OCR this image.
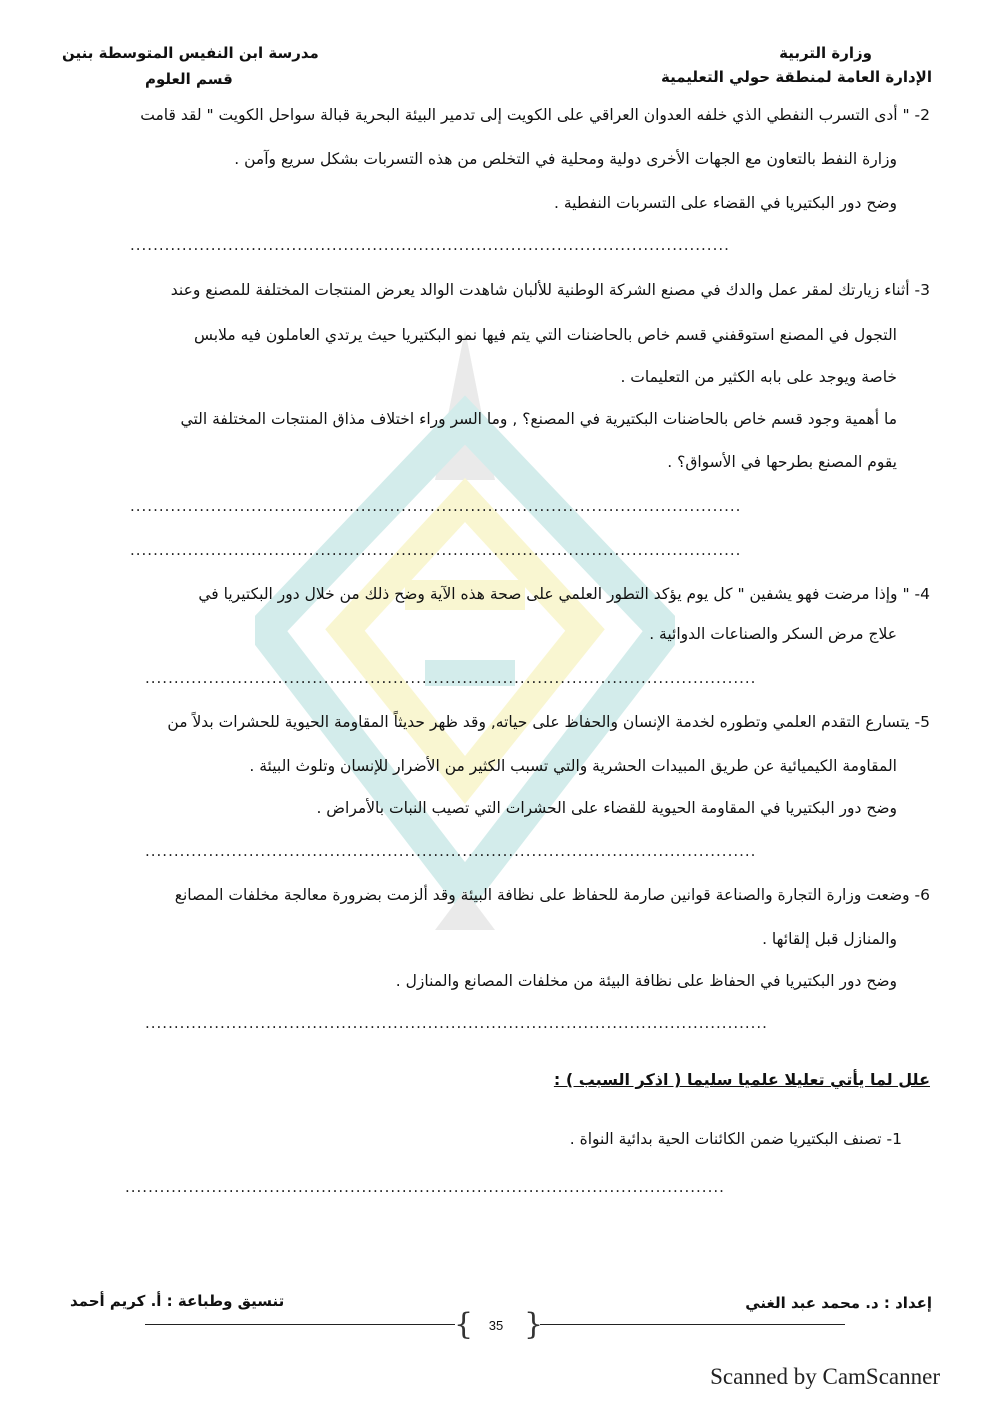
وزارة التربية
الإدارة العامة لمنطقة حولي التعليمية
مدرسة ابن النفيس المتوسطة بنين
قسم العلوم
2- " أدى التسرب النفطي الذي خلفه العدوان العراقي على الكويت إلى تدمير البيئة البحرية قبالة سواحل الكويت " لقد قامت
وزارة النفط بالتعاون مع الجهات الأخرى دولية ومحلية في التخلص من هذه التسربات بشكل سريع وآمن .
وضح دور البكتيريا في القضاء على التسربات النفطية .
........................................................................................................
3- أثناء زيارتك لمقر عمل والدك في مصنع الشركة الوطنية للألبان شاهدت الوالد يعرض المنتجات المختلفة للمصنع وعند
التجول في المصنع استوقفني قسم خاص بالحاضنات التي يتم فيها نمو البكتيريا حيث يرتدي العاملون فيه ملابس
خاصة ويوجد على بابه الكثير من التعليمات .
ما أهمية وجود قسم خاص بالحاضنات البكتيرية في المصنع؟ , وما السر وراء اختلاف مذاق المنتجات المختلفة التي
يقوم المصنع بطرحها في الأسواق؟ .
..........................................................................................................
..........................................................................................................
4- " وإذا مرضت فهو يشفين " كل يوم يؤكد التطور العلمي على صحة هذه الآية وضح ذلك من خلال دور البكتيريا في
علاج مرض السكر والصناعات الدوائية .
..........................................................................................................
5- يتسارع التقدم العلمي وتطوره لخدمة الإنسان والحفاظ على حياته, وقد ظهر حديثاً المقاومة الحيوية للحشرات بدلاً من
المقاومة الكيميائية عن طريق المبيدات الحشرية والتي تسبب الكثير من الأضرار للإنسان وتلوث البيئة .
وضح دور البكتيريا في المقاومة الحيوية للقضاء على الحشرات التي تصيب النبات بالأمراض .
..........................................................................................................
6- وضعت وزارة التجارة والصناعة قوانين صارمة للحفاظ على نظافة البيئة وقد ألزمت بضرورة معالجة مخلفات المصانع
والمنازل قبل إلقائها .
وضح دور البكتيريا في الحفاظ على نظافة البيئة من مخلفات المصانع والمنازل .
............................................................................................................
علل لما يأتي تعليلا علميا سليما ( اذكر السبب ) :
1- تصنف البكتيريا ضمن الكائنات الحية بدائية النواة .
........................................................................................................
إعداد : د. محمد عبد الغني
تنسيق وطباعة : أ. كريم أحمد
{ }
35
Scanned by CamScanner
